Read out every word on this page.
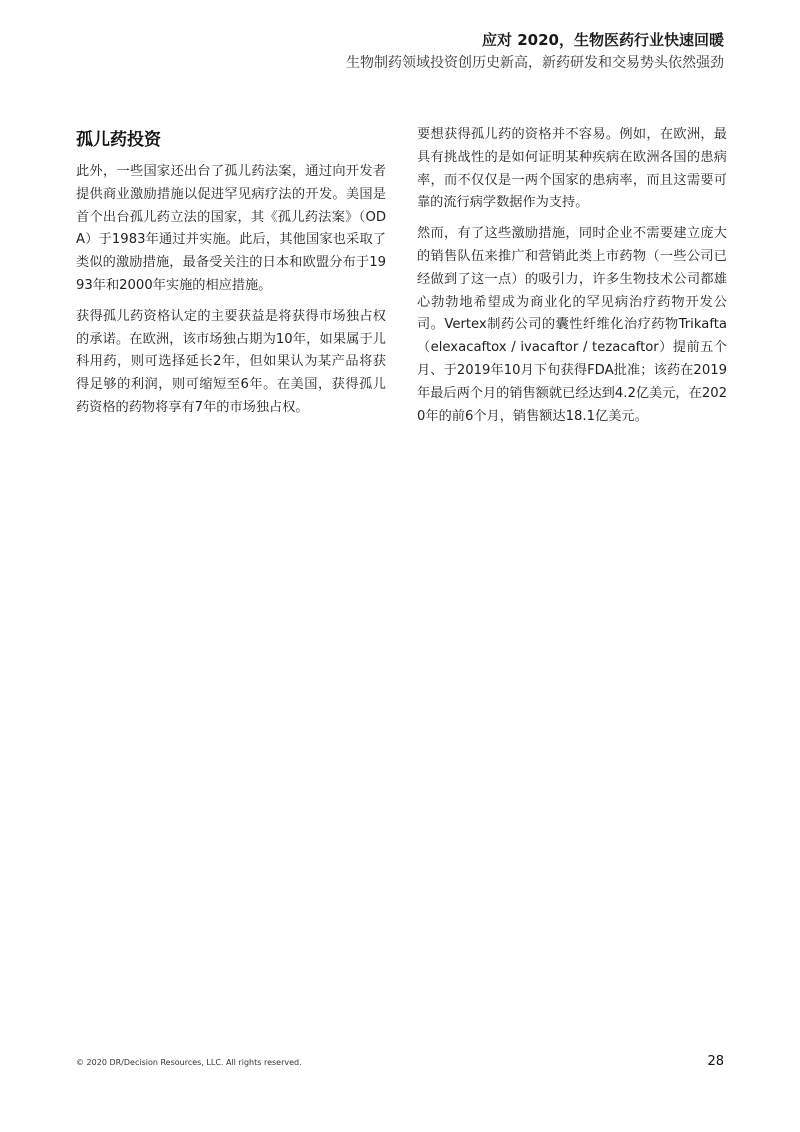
应对 2020，生物医药行业快速回暖
生物制药领域投资创历史新高，新药研发和交易势头依然强劲
孤儿药投资

此外，一些国家还出台了孤儿药法案，通过向开发者提供商业激励措施以促进罕见病疗法的开发。美国是首个出台孤儿药立法的国家，其《孤儿药法案》（ODA）于1983年通过并实施。此后，其他国家也采取了类似的激励措施，最备受关注的日本和欧盟分布于1993年和2000年实施的相应措施。

获得孤儿药资格认定的主要获益是将获得市场独占权的承诺。在欧洲，该市场独占期为10年，如果属于儿科用药，则可选择延长2年，但如果认为某产品将获得足够的利润，则可缩短至6年。在美国，获得孤儿药资格的药物将享有7年的市场独占权。

要想获得孤儿药的资格并不容易。例如，在欧洲，最具有挑战性的是如何证明某种疾病在欧洲各国的患病率，而不仅仅是一两个国家的患病率，而且这需要可靠的流行病学数据作为支持。

然而，有了这些激励措施，同时企业不需要建立庞大的销售队伍来推广和营销此类上市药物（一些公司已经做到了这一点）的吸引力，许多生物技术公司都雄心勃勃地希望成为商业化的罕见病治疗药物开发公司。Vertex制药公司的囊性纤维化治疗药物Trikafta（elexacaftox / ivacaftor / tezacaftor）提前五个月、于2019年10月下旬获得FDA批准；该药在2019年最后两个月的销售额就已经达到4.2亿美元，在2020年的前6个月，销售额达18.1亿美元。

© 2020 DR/Decision Resources, LLC. All rights reserved.	28
